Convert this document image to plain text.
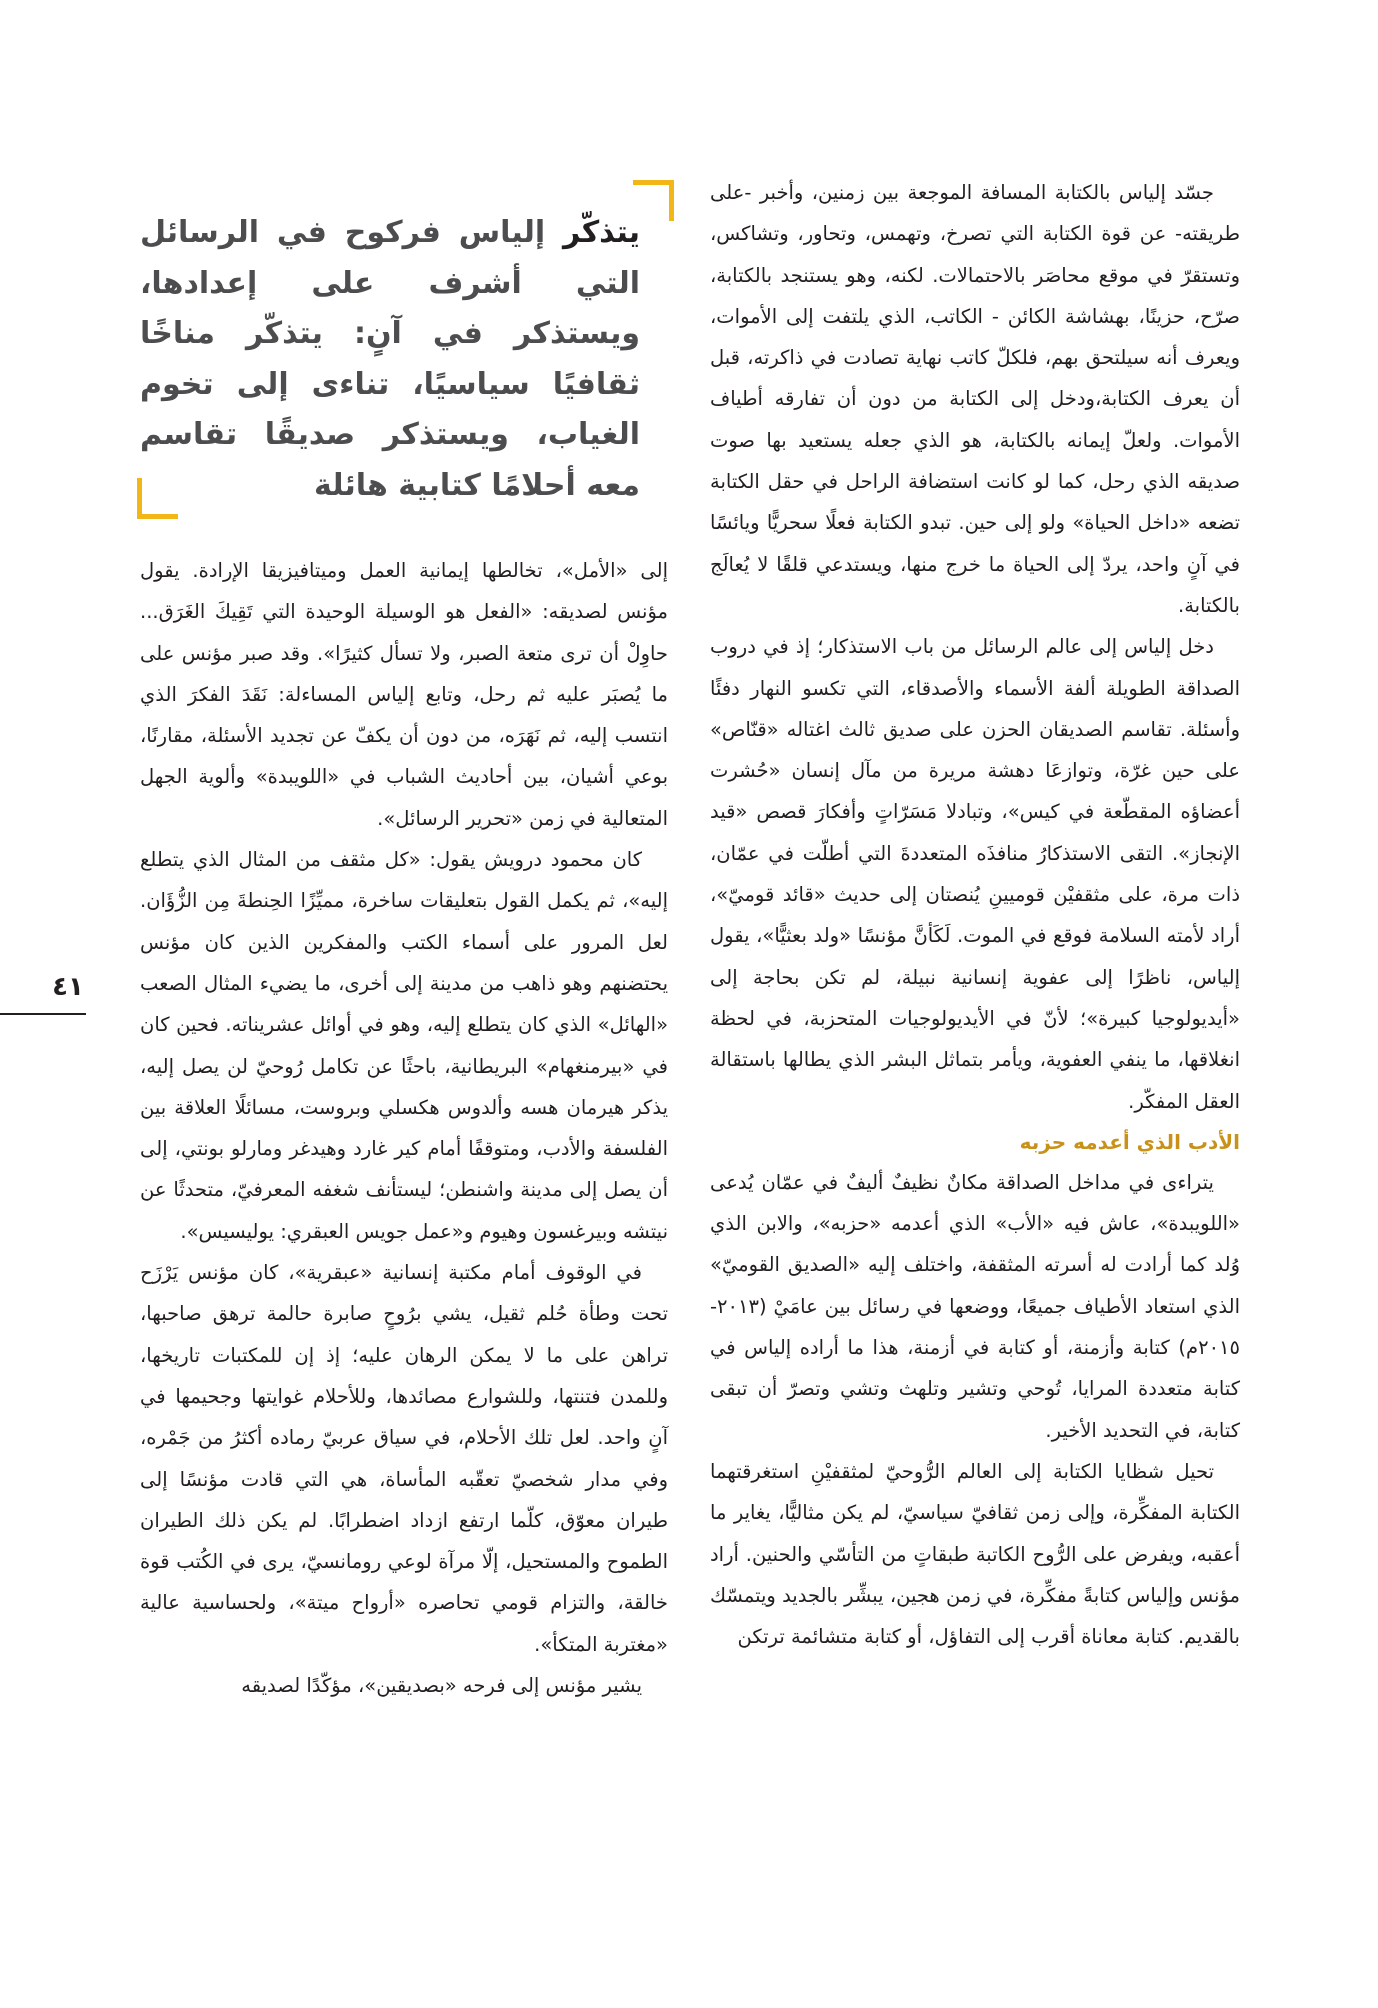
يتذكّر إلياس فركوح في الرسائل التي أشرف على إعدادها، ويستذكر في آنٍ: يتذكّر مناخًا ثقافيًا سياسيًا، تناءى إلى تخوم الغياب، ويستذكر صديقًا تقاسم معه أحلامًا كتابية هائلة

جسّد إلياس بالكتابة المسافة الموجعة بين زمنين، وأخبر -على طريقته- عن قوة الكتابة التي تصرخ، وتهمس، وتحاور، وتشاكس، وتستقرّ في موقع محاصَر بالاحتمالات. لكنه، وهو يستنجد بالكتابة، صرّح، حزينًا، بهشاشة الكائن - الكاتب، الذي يلتفت إلى الأموات، ويعرف أنه سيلتحق بهم، فلكلّ كاتب نهاية تصادت في ذاكرته، قبل أن يعرف الكتابة،ودخل إلى الكتابة من دون أن تفارقه أطياف الأموات. ولعلّ إيمانه بالكتابة، هو الذي جعله يستعيد بها صوت صديقه الذي رحل، كما لو كانت استضافة الراحل في حقل الكتابة تضعه «داخل الحياة» ولو إلى حين. تبدو الكتابة فعلًا سحريًّا ويائسًا في آنٍ واحد، يردّ إلى الحياة ما خرج منها، ويستدعي قلقًا لا يُعالَج بالكتابة.

دخل إلياس إلى عالم الرسائل من باب الاستذكار؛ إذ في دروب الصداقة الطويلة ألفة الأسماء والأصدقاء، التي تكسو النهار دفئًا وأسئلة. تقاسم الصديقان الحزن على صديق ثالث اغتاله «قنّاص» على حين غرّة، وتوازعَا دهشة مريرة من مآل إنسان «حُشرت أعضاؤه المقطّعة في كيس»، وتبادلا مَسَرّاتٍ وأفكارَ قصص «قيد الإنجاز». التقى الاستذكارُ منافذَه المتعددةَ التي أطلّت في عمّان، ذات مرة، على مثقفيْن قوميينِ يُنصتان إلى حديث «قائد قوميّ»، أراد لأمته السلامة فوقع في الموت. لَكَأنَّ مؤنسًا «ولد بعثيًّا»، يقول إلياس، ناظرًا إلى عفوية إنسانية نبيلة، لم تكن بحاجة إلى «أيديولوجيا كبيرة»؛ لأنّ في الأيديولوجيات المتحزبة، في لحظة انغلاقها، ما ينفي العفوية، ويأمر بتماثل البشر الذي يطالها باستقالة العقل المفكّر.

الأدب الذي أعدمه حزبه

يتراءى في مداخل الصداقة مكانٌ نظيفٌ أليفٌ في عمّان يُدعى «اللويبدة»، عاش فيه «الأب» الذي أعدمه «حزبه»، والابن الذي وُلد كما أرادت له أسرته المثقفة، واختلف إليه «الصديق القوميّ» الذي استعاد الأطياف جميعًا، ووضعها في رسائل بين عامَيْ (٢٠١٣- ٢٠١٥م) كتابة وأزمنة، أو كتابة في أزمنة، هذا ما أراده إلياس في كتابة متعددة المرايا، تُوحي وتشير وتلهث وتشي وتصرّ أن تبقى كتابة، في التحديد الأخير.

تحيل شظايا الكتابة إلى العالم الرُّوحيّ لمثقفيْنِ استغرقتهما الكتابة المفكِّرة، وإلى زمن ثقافيّ سياسيّ، لم يكن مثاليًّا، يغاير ما أعقبه، ويفرض على الرُّوح الكاتبة طبقاتٍ من التأسّي والحنين. أراد مؤنس وإلياس كتابةً مفكِّرة، في زمن هجين، يبشِّر بالجديد ويتمسّك بالقديم. كتابة معاناة أقرب إلى التفاؤل، أو كتابة متشائمة ترتكن

إلى «الأمل»، تخالطها إيمانية العمل وميتافيزيقا الإرادة. يقول مؤنس لصديقه: «الفعل هو الوسيلة الوحيدة التي تَقِيكَ الغَرَق... حاوِلْ أن ترى متعة الصبر، ولا تسأل كثيرًا». وقد صبر مؤنس على ما يُصبَر عليه ثم رحل، وتابع إلياس المساءلة: نَقَدَ الفكرَ الذي انتسب إليه، ثم نَهَرَه، من دون أن يكفّ عن تجديد الأسئلة، مقارنًا، بوعي أشيان، بين أحاديث الشباب في «اللويبدة» وألوية الجهل المتعالية في زمن «تحرير الرسائل».

كان محمود درويش يقول: «كل مثقف من المثال الذي يتطلع إليه»، ثم يكمل القول بتعليقات ساخرة، مميِّزًا الحِنطةَ مِن الزُّؤَان. لعل المرور على أسماء الكتب والمفكرين الذين كان مؤنس يحتضنهم وهو ذاهب من مدينة إلى أخرى، ما يضيء المثال الصعب «الهائل» الذي كان يتطلع إليه، وهو في أوائل عشريناته. فحين كان في «بيرمنغهام» البريطانية، باحثًا عن تكامل رُوحيّ لن يصل إليه، يذكر هيرمان هسه وألدوس هكسلي وبروست، مسائلًا العلاقة بين الفلسفة والأدب، ومتوقفًا أمام كير غارد وهيدغر ومارلو بونتي، إلى أن يصل إلى مدينة واشنطن؛ ليستأنف شغفه المعرفيّ، متحدثًا عن نيتشه وبيرغسون وهيوم و«عمل جويس العبقري: يوليسيس».

في الوقوف أمام مكتبة إنسانية «عبقرية»، كان مؤنس يَرْزَح تحت وطأة حُلم ثقيل، يشي برُوحٍ صابرة حالمة ترهق صاحبها، تراهن على ما لا يمكن الرهان عليه؛ إذ إن للمكتبات تاريخها، وللمدن فتنتها، وللشوارع مصائدها، وللأحلام غوايتها وجحيمها في آنٍ واحد. لعل تلك الأحلام، في سياق عربيّ رماده أكثرُ من جَمْره، وفي مدار شخصيّ تعقّبه المأساة، هي التي قادت مؤنسًا إلى طيران معوّق، كلّما ارتفع ازداد اضطرابًا. لم يكن ذلك الطيران الطموح والمستحيل، إلّا مرآة لوعي رومانسيّ، يرى في الكُتب قوة خالقة، والتزام قومي تحاصره «أرواح ميتة»، ولحساسية عالية «مغتربة المتكأ».

يشير مؤنس إلى فرحه «بصديقين»، مؤكّدًا لصديقه

٤١
